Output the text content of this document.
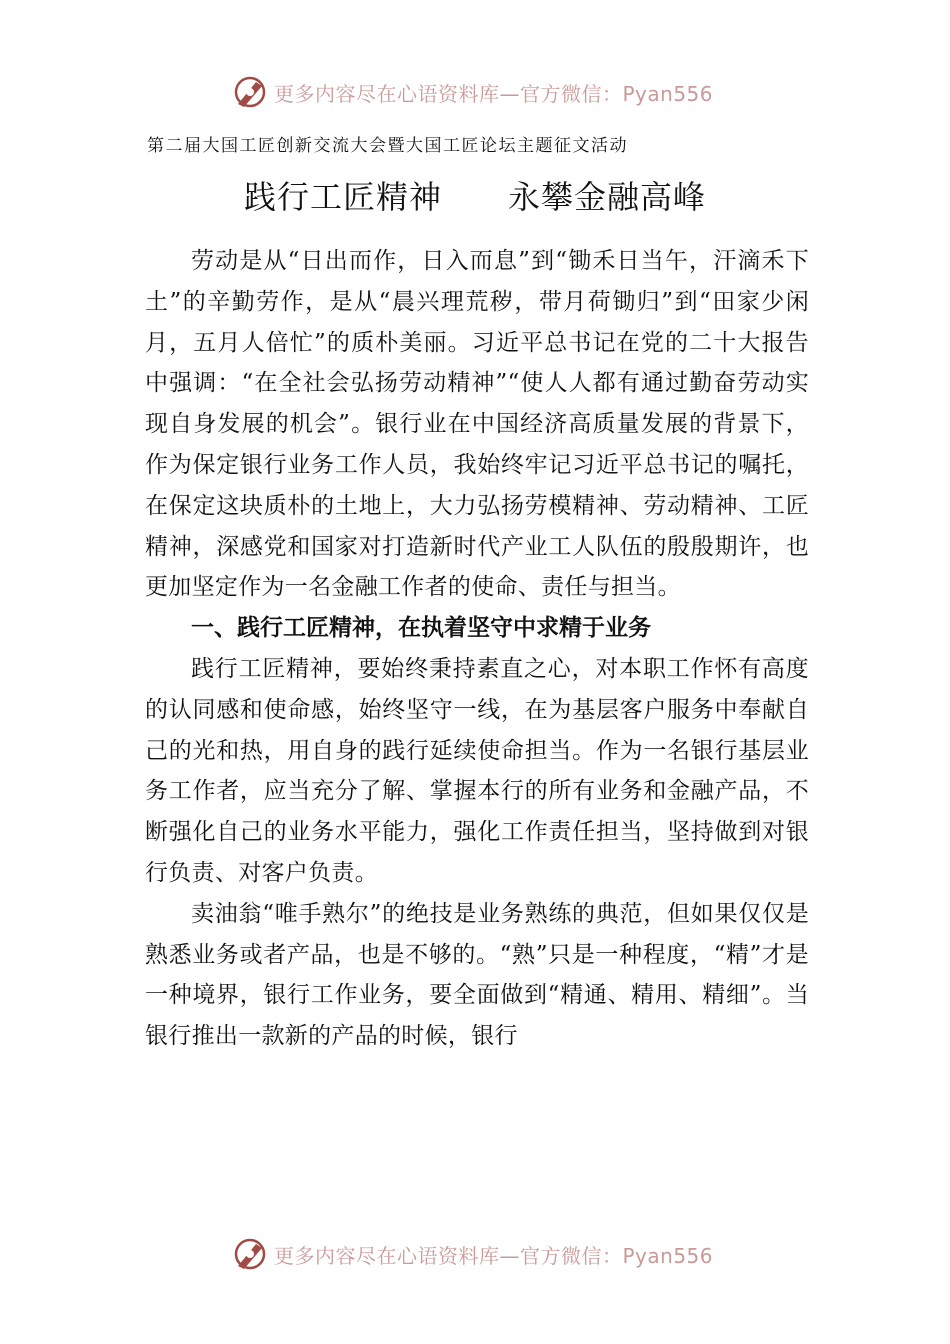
更多内容尽在心语资料库—官方微信：Pyan556
第二届大国工匠创新交流大会暨大国工匠论坛主题征文活动
践行工匠精神　　永攀金融高峰

劳动是从“日出而作，日入而息”到“锄禾日当午，汗滴禾下土”的辛勤劳作，是从“晨兴理荒秽，带月荷锄归”到“田家少闲月，五月人倍忙”的质朴美丽。习近平总书记在党的二十大报告中强调：“在全社会弘扬劳动精神”“使人人都有通过勤奋劳动实现自身发展的机会”。银行业在中国经济高质量发展的背景下，作为保定银行业务工作人员，我始终牢记习近平总书记的嘱托，在保定这块质朴的土地上，大力弘扬劳模精神、劳动精神、工匠精神，深感党和国家对打造新时代产业工人队伍的殷殷期许，也更加坚定作为一名金融工作者的使命、责任与担当。

一、践行工匠精神，在执着坚守中求精于业务

践行工匠精神，要始终秉持素直之心，对本职工作怀有高度的认同感和使命感，始终坚守一线，在为基层客户服务中奉献自己的光和热，用自身的践行延续使命担当。作为一名银行基层业务工作者，应当充分了解、掌握本行的所有业务和金融产品，不断强化自己的业务水平能力，强化工作责任担当，坚持做到对银行负责、对客户负责。

卖油翁“唯手熟尔”的绝技是业务熟练的典范，但如果仅仅是熟悉业务或者产品，也是不够的。“熟”只是一种程度，“精”才是一种境界，银行工作业务，要全面做到“精通、精用、精细”。当银行推出一款新的产品的时候，银行

更多内容尽在心语资料库—官方微信：Pyan556
